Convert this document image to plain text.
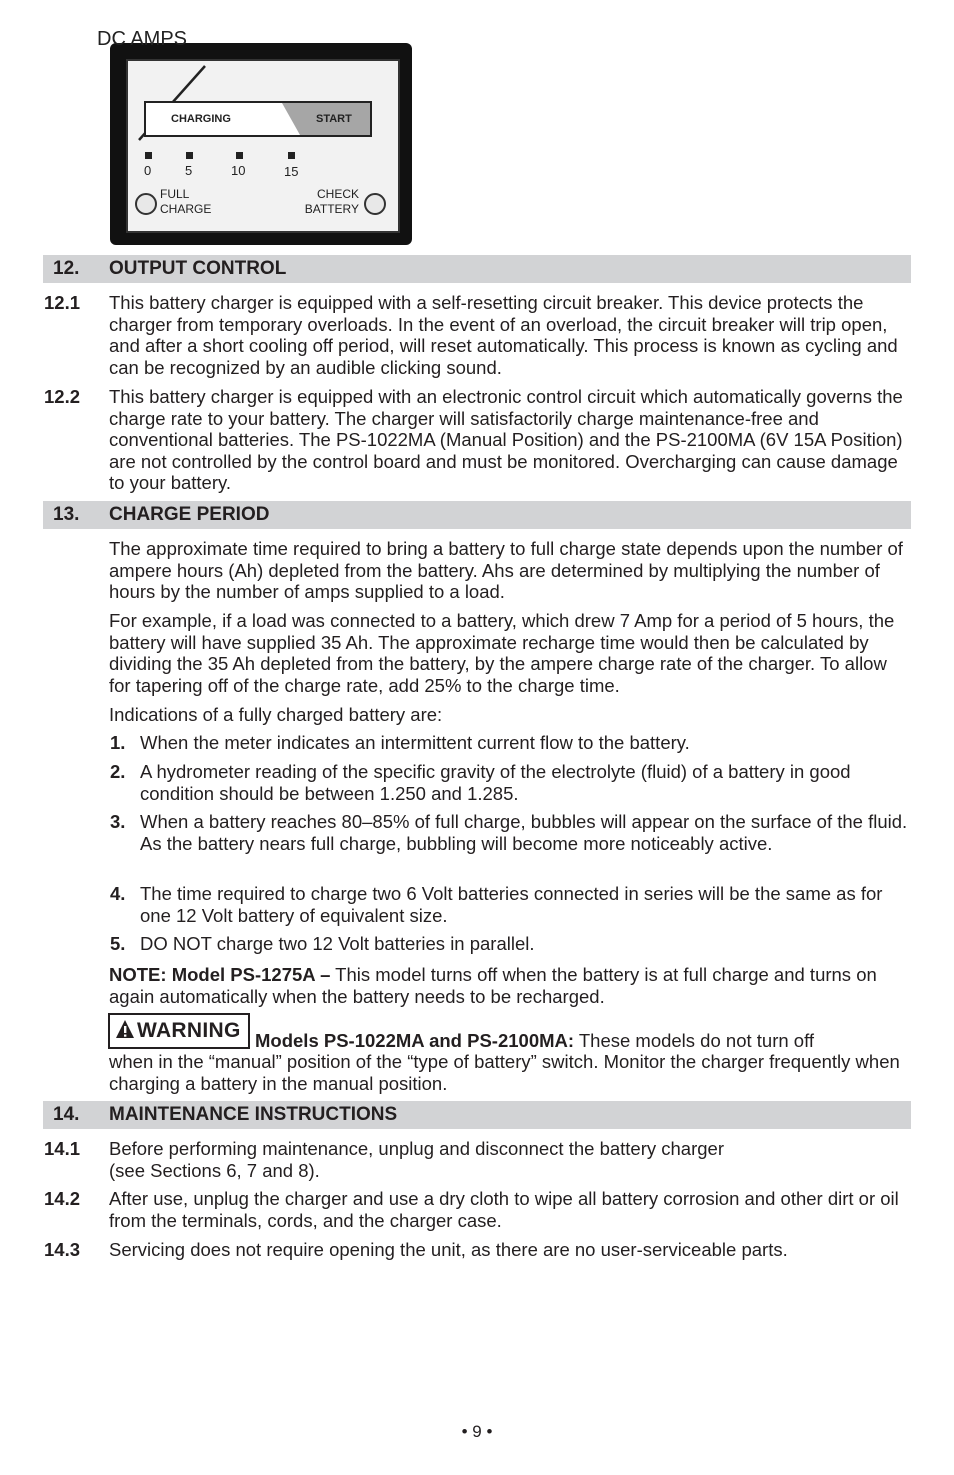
DC AMPS
CHARGING	START
0	5	10	15
FULL
CHARGE
CHECK
BATTERY
12. OUTPUT CONTROL
12.1 This battery charger is equipped with a self-resetting circuit breaker. This device protects the charger from temporary overloads. In the event of an overload, the circuit breaker will trip open, and after a short cooling off period, will reset automatically. This process is known as cycling and can be recognized by an audible clicking sound.
12.2 This battery charger is equipped with an electronic control circuit which automatically governs the charge rate to your battery. The charger will satisfactorily charge maintenance-free and conventional batteries. The PS-1022MA (Manual Position) and the PS-2100MA (6V 15A Position) are not controlled by the control board and must be monitored. Overcharging can cause damage to your battery.
13. CHARGE PERIOD
The approximate time required to bring a battery to full charge state depends upon the number of ampere hours (Ah) depleted from the battery. Ahs are determined by multiplying the number of hours by the number of amps supplied to a load.
For example, if a load was connected to a battery, which drew 7 Amp for a period of 5 hours, the battery will have supplied 35 Ah. The approximate recharge time would then be calculated by dividing the 35 Ah depleted from the battery, by the ampere charge rate of the charger. To allow for tapering off of the charge rate, add 25% to the charge time.
Indications of a fully charged battery are:
1. When the meter indicates an intermittent current flow to the battery.
2. A hydrometer reading of the specific gravity of the electrolyte (fluid) of a battery in good condition should be between 1.250 and 1.285.
3. When a battery reaches 80–85% of full charge, bubbles will appear on the surface of the fluid. As the battery nears full charge, bubbling will become more noticeably active.
4. The time required to charge two 6 Volt batteries connected in series will be the same as for one 12 Volt battery of equivalent size.
5. DO NOT charge two 12 Volt batteries in parallel.
NOTE: Model PS-1275A – This model turns off when the battery is at full charge and turns on again automatically when the battery needs to be recharged.
WARNING Models PS-1022MA and PS-2100MA: These models do not turn off
when in the “manual” position of the “type of battery” switch. Monitor the charger frequently when charging a battery in the manual position.
14. MAINTENANCE INSTRUCTIONS
14.1 Before performing maintenance, unplug and disconnect the battery charger
(see Sections 6, 7 and 8).
14.2 After use, unplug the charger and use a dry cloth to wipe all battery corrosion and other dirt or oil from the terminals, cords, and the charger case.
14.3 Servicing does not require opening the unit, as there are no user-serviceable parts.
• 9 •
